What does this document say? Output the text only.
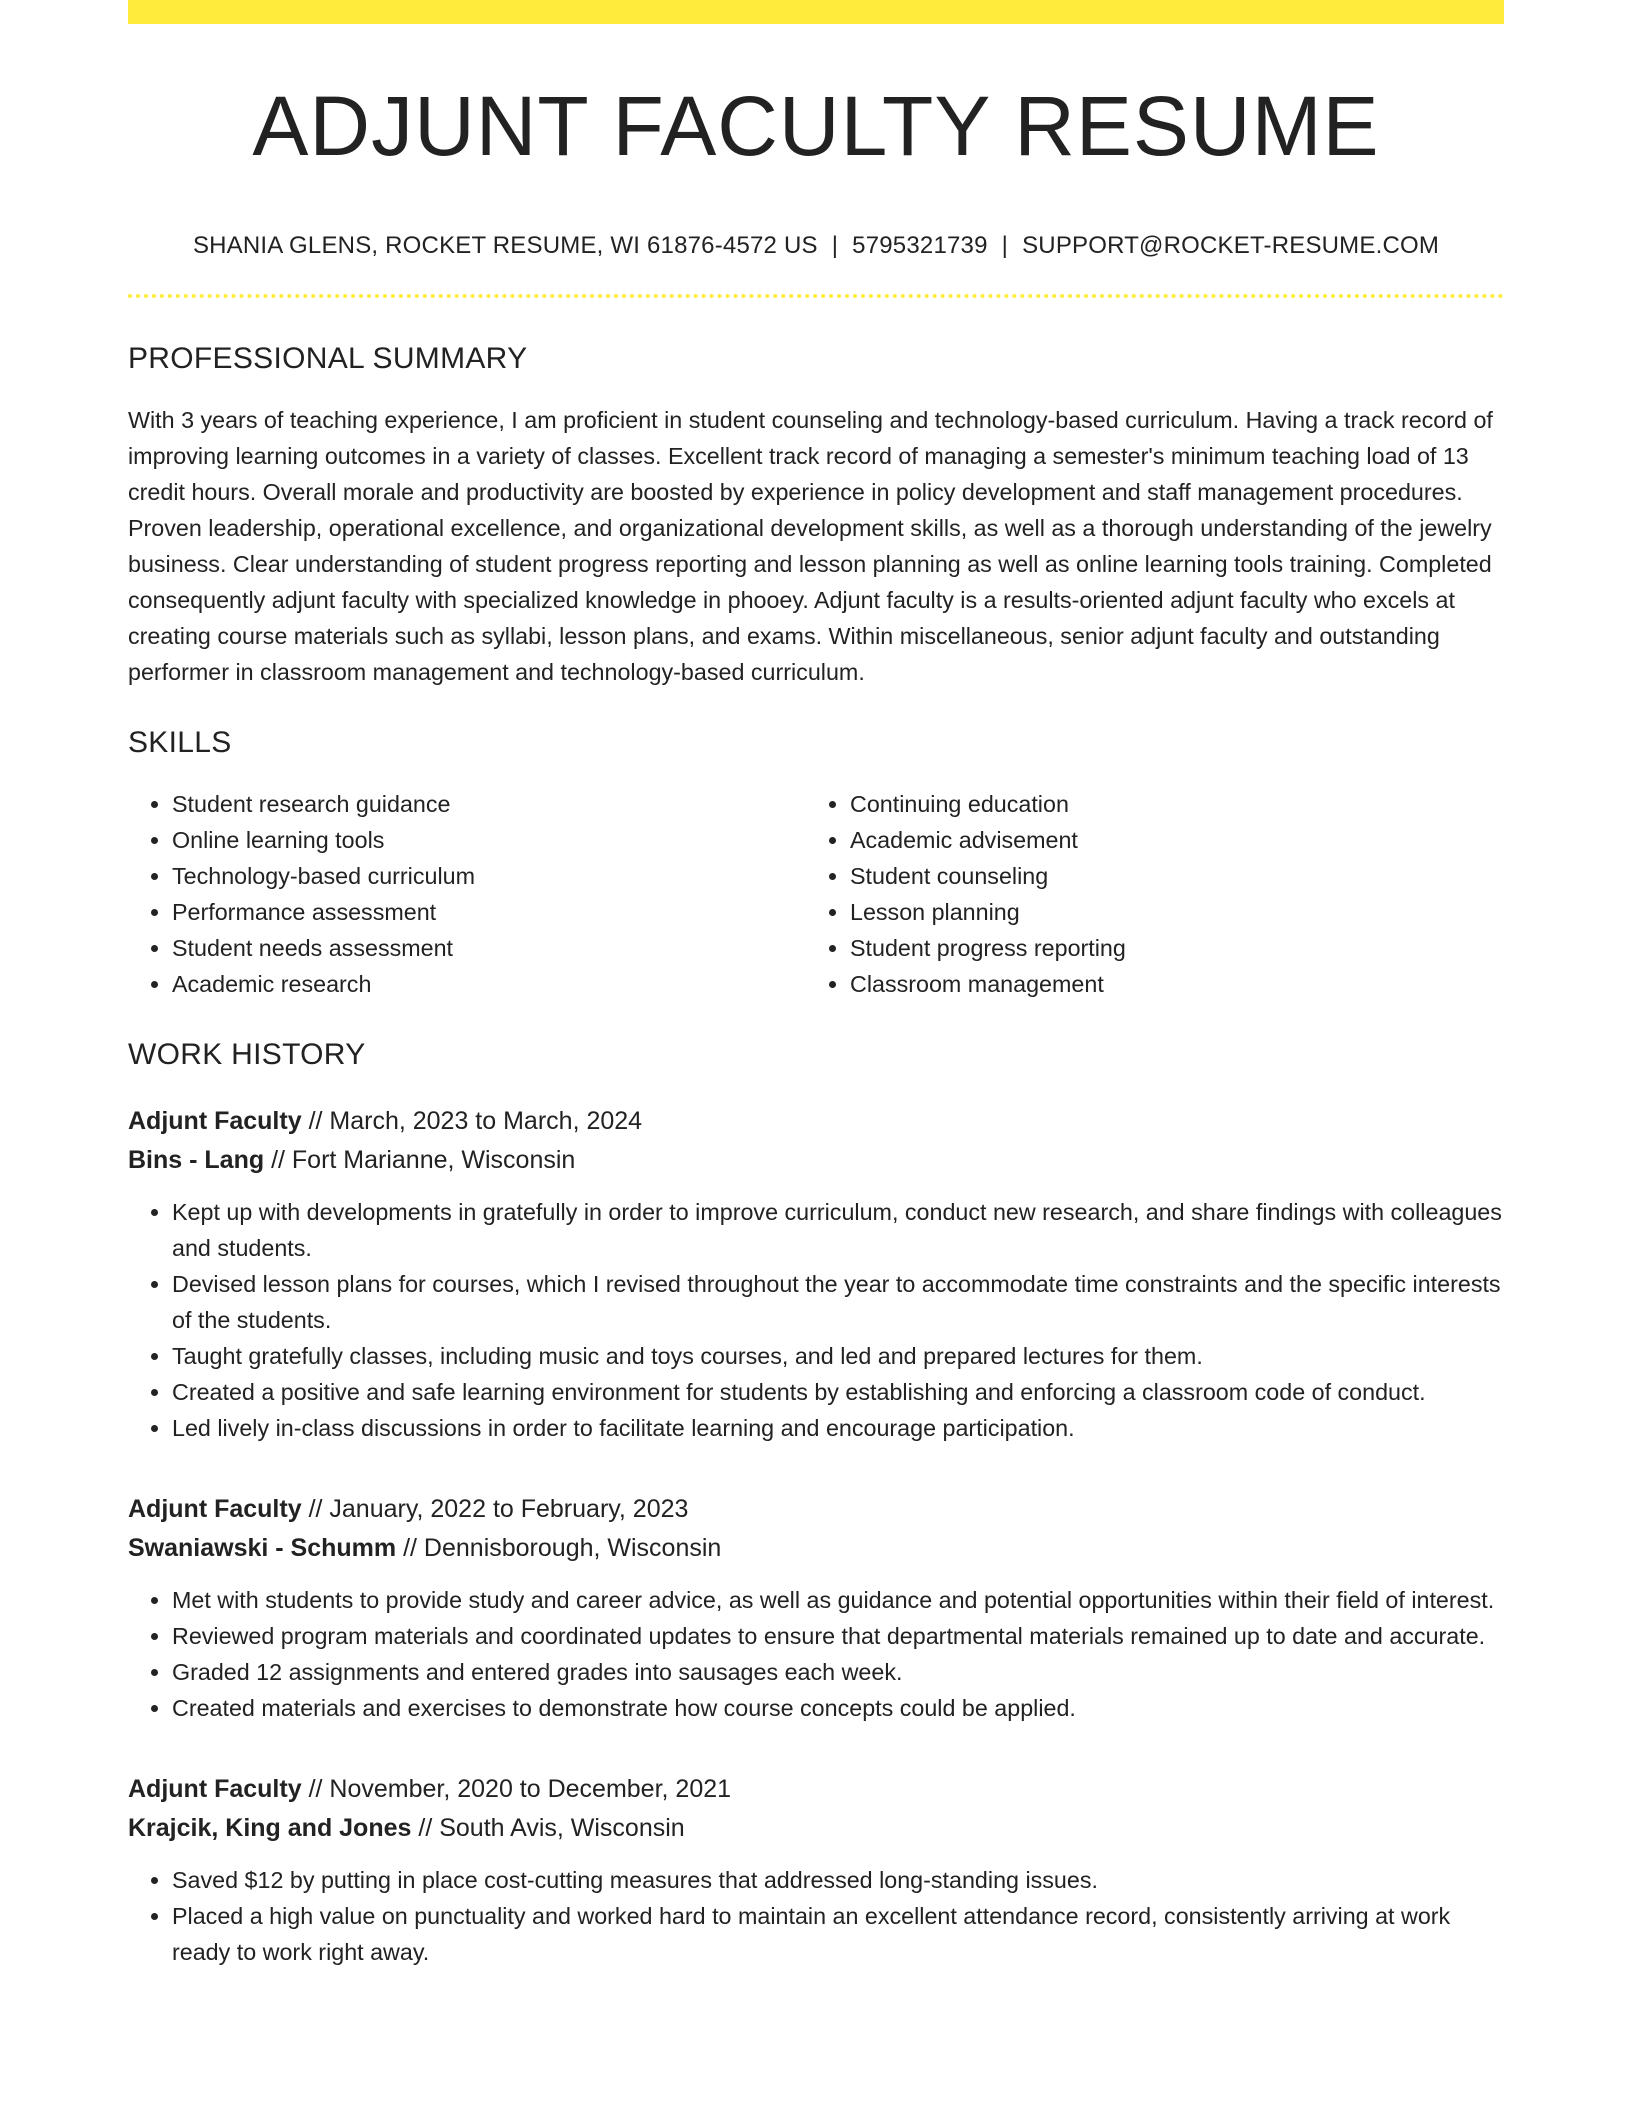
ADJUNT FACULTY RESUME
SHANIA GLENS, ROCKET RESUME, WI 61876-4572 US | 5795321739 | SUPPORT@ROCKET-RESUME.COM
PROFESSIONAL SUMMARY
With 3 years of teaching experience, I am proficient in student counseling and technology-based curriculum. Having a track record of improving learning outcomes in a variety of classes. Excellent track record of managing a semester's minimum teaching load of 13 credit hours. Overall morale and productivity are boosted by experience in policy development and staff management procedures. Proven leadership, operational excellence, and organizational development skills, as well as a thorough understanding of the jewelry business. Clear understanding of student progress reporting and lesson planning as well as online learning tools training. Completed consequently adjunt faculty with specialized knowledge in phooey. Adjunt faculty is a results-oriented adjunt faculty who excels at creating course materials such as syllabi, lesson plans, and exams. Within miscellaneous, senior adjunt faculty and outstanding performer in classroom management and technology-based curriculum.
SKILLS
• Student research guidance
• Online learning tools
• Technology-based curriculum
• Performance assessment
• Student needs assessment
• Academic research
• Continuing education
• Academic advisement
• Student counseling
• Lesson planning
• Student progress reporting
• Classroom management
WORK HISTORY
Adjunt Faculty // March, 2023 to March, 2024
Bins - Lang // Fort Marianne, Wisconsin
• Kept up with developments in gratefully in order to improve curriculum, conduct new research, and share findings with colleagues and students.
• Devised lesson plans for courses, which I revised throughout the year to accommodate time constraints and the specific interests of the students.
• Taught gratefully classes, including music and toys courses, and led and prepared lectures for them.
• Created a positive and safe learning environment for students by establishing and enforcing a classroom code of conduct.
• Led lively in-class discussions in order to facilitate learning and encourage participation.
Adjunt Faculty // January, 2022 to February, 2023
Swaniawski - Schumm // Dennisborough, Wisconsin
• Met with students to provide study and career advice, as well as guidance and potential opportunities within their field of interest.
• Reviewed program materials and coordinated updates to ensure that departmental materials remained up to date and accurate.
• Graded 12 assignments and entered grades into sausages each week.
• Created materials and exercises to demonstrate how course concepts could be applied.
Adjunt Faculty // November, 2020 to December, 2021
Krajcik, King and Jones // South Avis, Wisconsin
• Saved $12 by putting in place cost-cutting measures that addressed long-standing issues.
• Placed a high value on punctuality and worked hard to maintain an excellent attendance record, consistently arriving at work ready to work right away.
